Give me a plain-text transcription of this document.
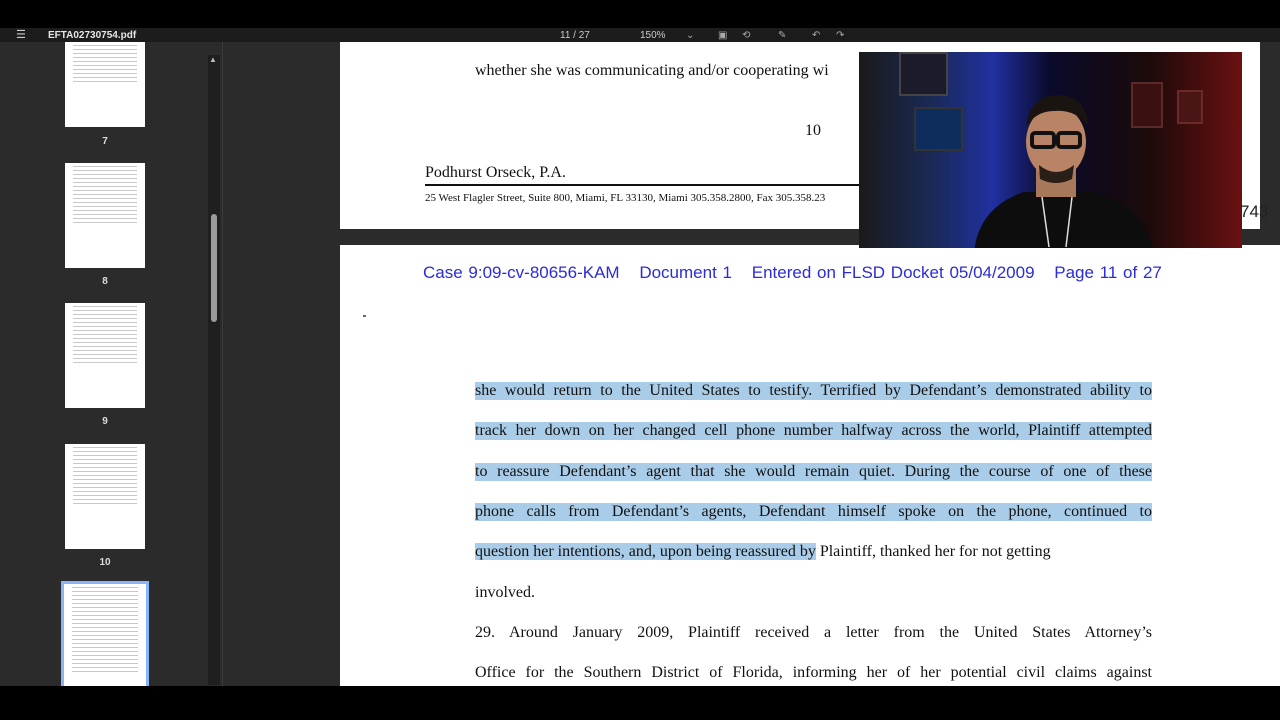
☰ EFTA02730754.pdf	11 / 27	150% ⌄ ▣ ⟲	✎	↶ ↷
7
8
9
10
▲
whether she was communicating and/or cooperating wi
10
Podhurst Orseck, P.A.
25 West Flagler Street, Suite 800, Miami, FL 33130, Miami 305.358.2800, Fax 305.358.23
Case 9:09-cv-80656-KAM Document 1 Entered on FLSD Docket 05/04/2009 Page 11 of 27
she would return to the United States to testify. Terrified by Defendant’s demonstrated ability to
track her down on her changed cell phone number halfway across the world, Plaintiff attempted
to reassure Defendant’s agent that she would remain quiet. During the course of one of these
phone calls from Defendant’s agents, Defendant himself spoke on the phone, continued to
question her intentions, and, upon being reassured by Plaintiff, thanked her for not getting
involved.
29. Around January 2009, Plaintiff received a letter from the United States Attorney’s
Office for the Southern District of Florida, informing her of her potential civil claims against
743
